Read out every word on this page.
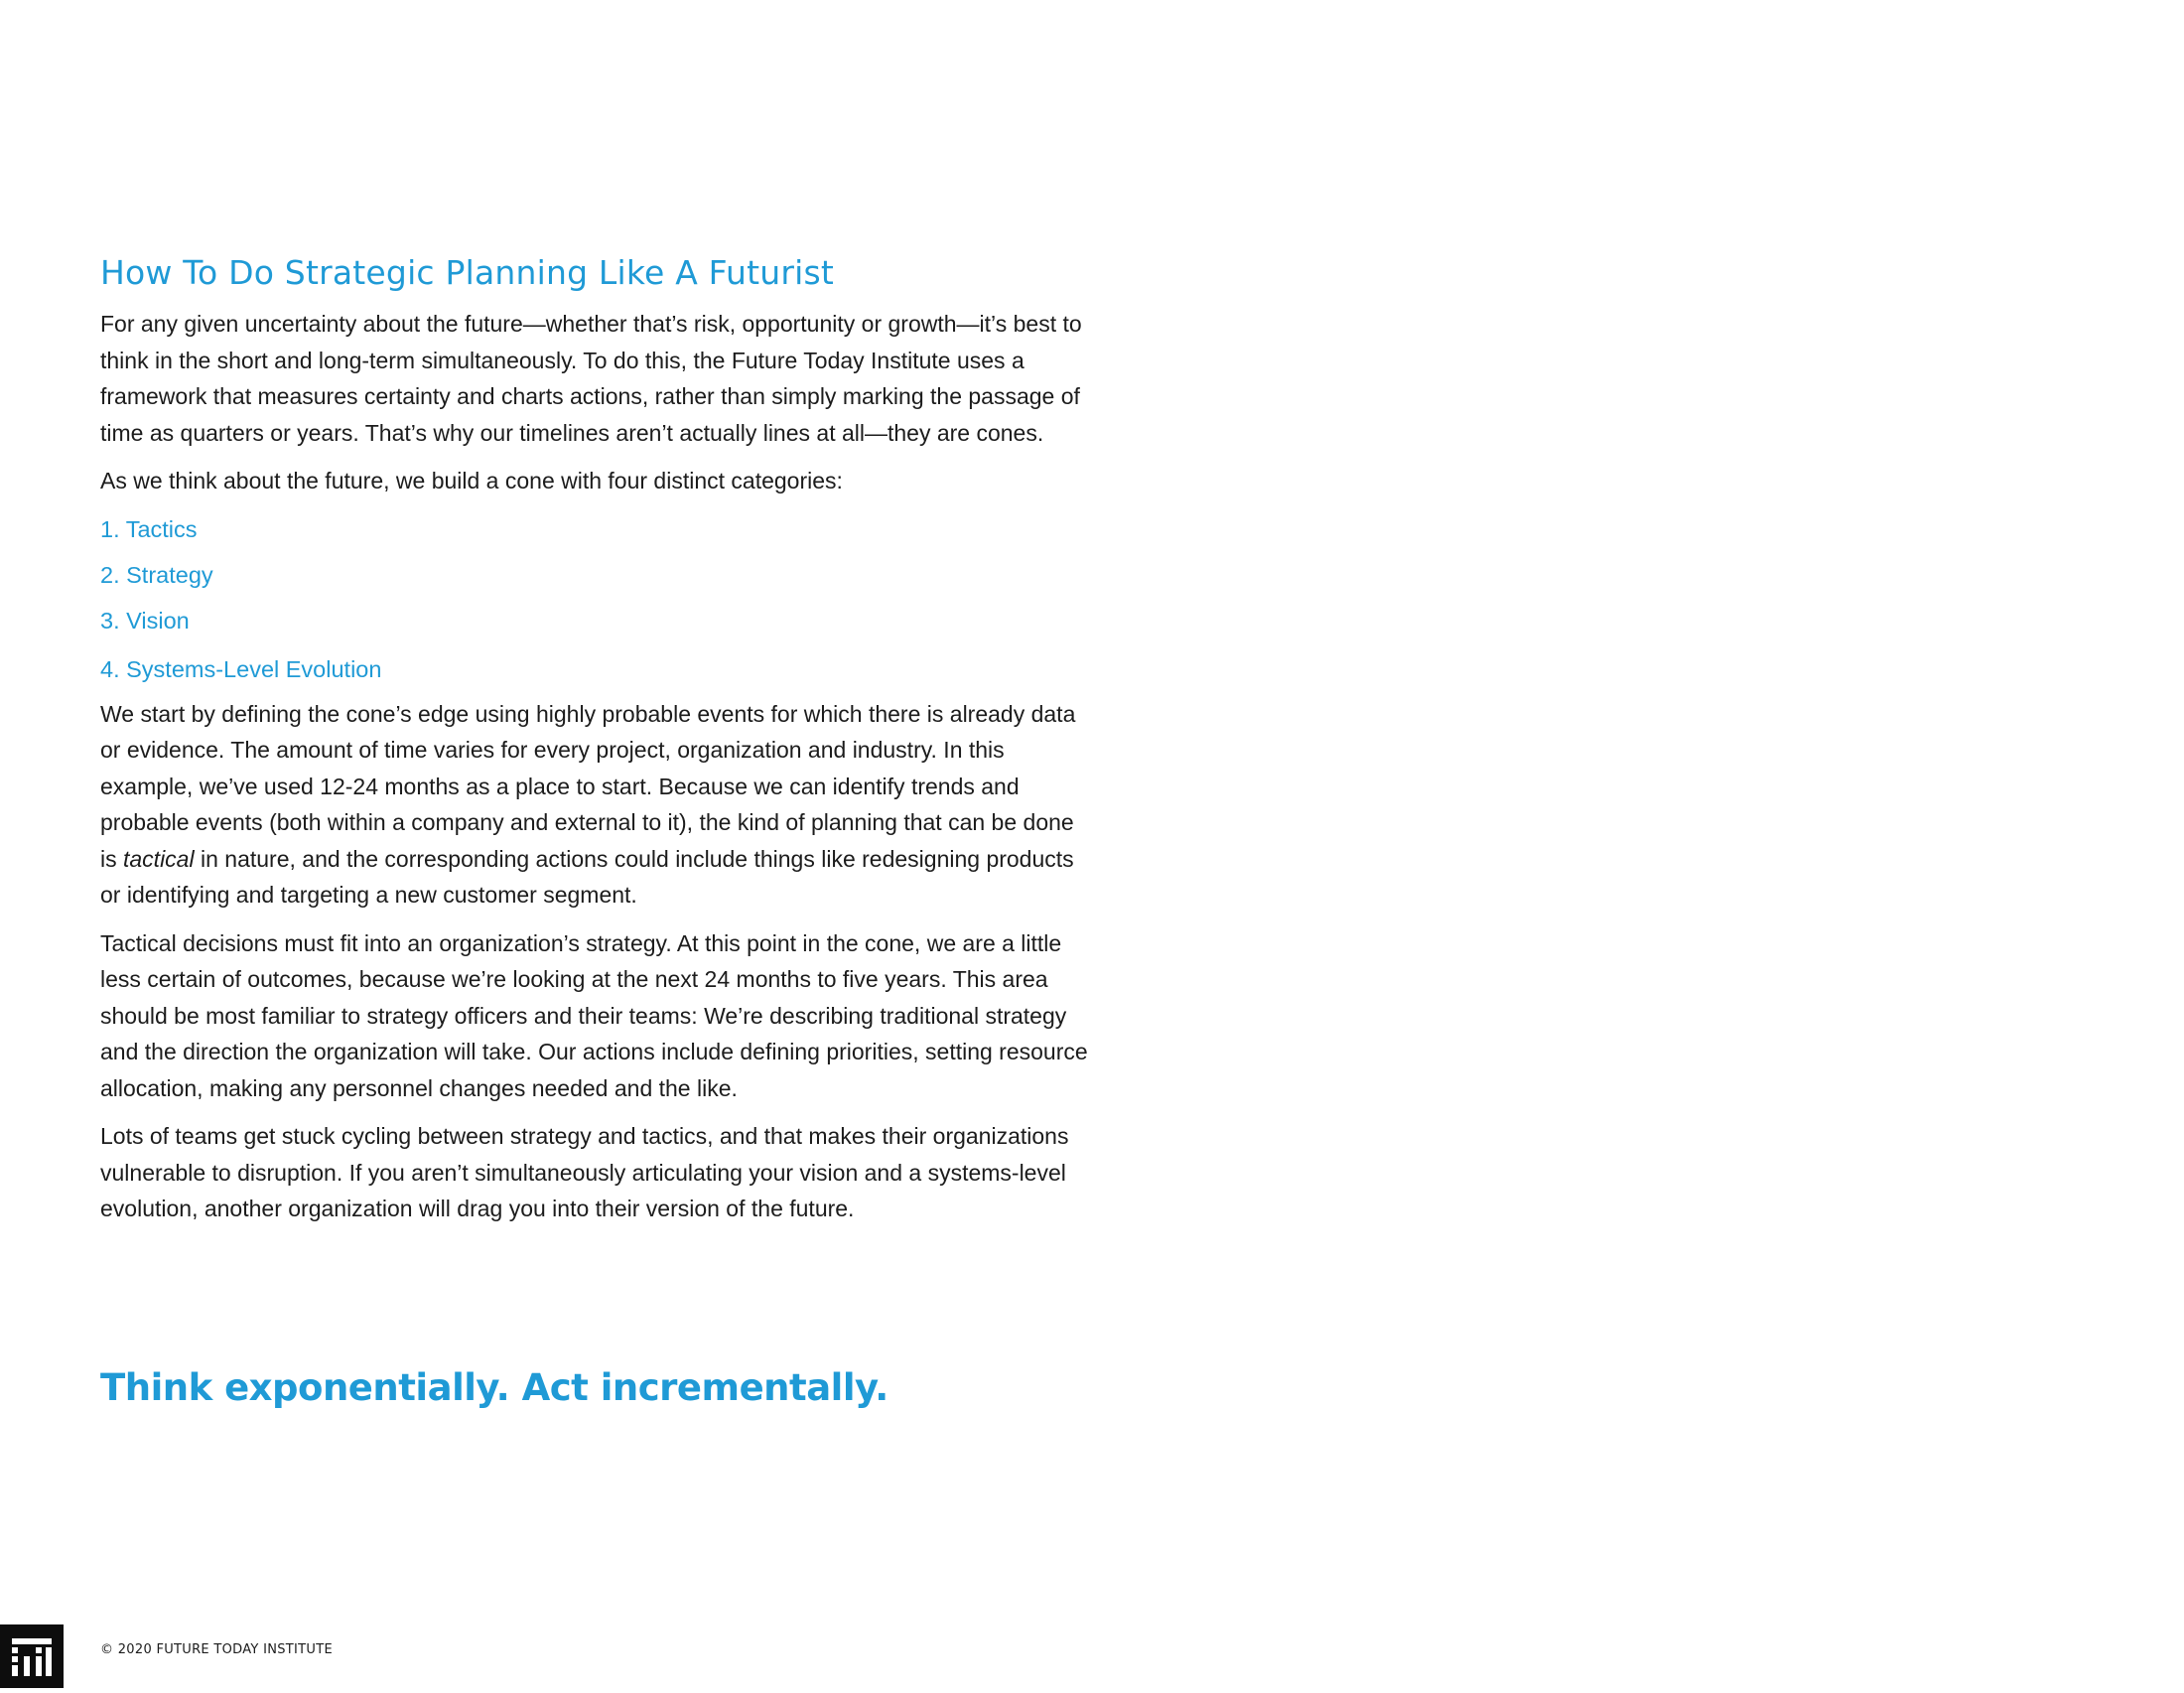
How To Do Strategic Planning Like A Futurist

For any given uncertainty about the future—whether that’s risk, opportunity or growth—it’s best to think in the short and long-term simultaneously. To do this, the Future Today Institute uses a framework that measures certainty and charts actions, rather than simply marking the passage of time as quarters or years. That’s why our timelines aren’t actually lines at all—they are cones.

As we think about the future, we build a cone with four distinct categories:

1. Tactics
2. Strategy
3. Vision
4. Systems-Level Evolution

We start by defining the cone’s edge using highly probable events for which there is already data or evidence. The amount of time varies for every project, organization and industry. In this example, we’ve used 12-24 months as a place to start. Because we can identify trends and probable events (both within a company and external to it), the kind of planning that can be done is tactical in nature, and the corresponding actions could include things like redesigning products or identifying and targeting a new customer segment.

Tactical decisions must fit into an organization’s strategy. At this point in the cone, we are a little less certain of outcomes, because we’re looking at the next 24 months to five years. This area should be most familiar to strategy officers and their teams: We’re describing traditional strategy and the direction the organization will take. Our actions include defining priorities, setting resource allocation, making any personnel changes needed and the like.

Lots of teams get stuck cycling between strategy and tactics, and that makes their organizations vulnerable to disruption. If you aren’t simultaneously articulating your vision and a systems-level evolution, another organization will drag you into their version of the future.

Think exponentially. Act incrementally.
© 2020 FUTURE TODAY INSTITUTE
